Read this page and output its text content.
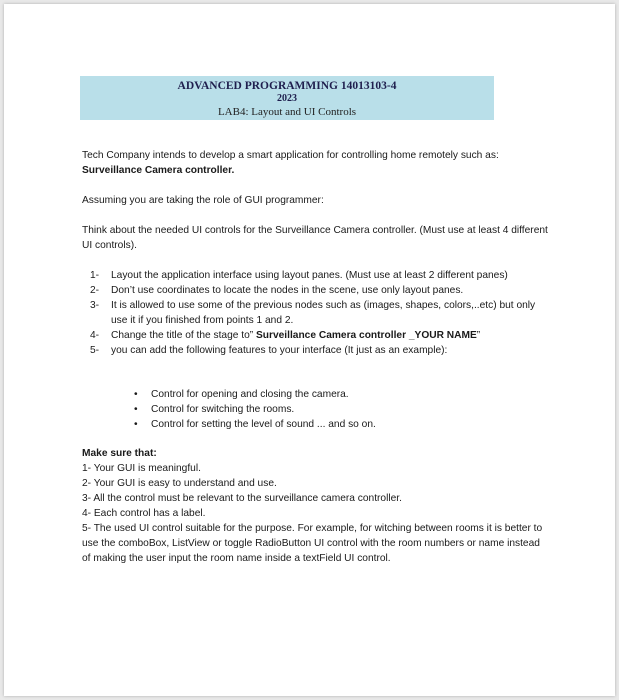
ADVANCED PROGRAMMING 14013103-4
2023
LAB4: Layout and UI Controls
Tech Company intends to develop a smart application for controlling home remotely such as: Surveillance Camera controller.
Assuming you are taking the role of GUI programmer:
Think about the needed UI controls for the Surveillance Camera controller. (Must use at least 4 different UI controls).
1-	Layout the application interface using layout panes. (Must use at least 2 different panes)
2-	Don’t use coordinates to locate the nodes in the scene, use only layout panes.
3-	It is allowed to use some of the previous nodes such as (images, shapes, colors,..etc) but only use it if you finished from points 1 and 2.
4-	Change the title of the stage to” Surveillance Camera controller _YOUR NAME”
5-	you can add the following features to your interface (It just as an example):
•	Control for opening and closing the camera.
•	Control for switching the rooms.
•	Control for setting the level of sound ... and so on.
Make sure that:
1- Your GUI is meaningful.
2- Your GUI is easy to understand and use.
3- All the control must be relevant to the surveillance camera controller.
4- Each control has a label.
5- The used UI control suitable for the purpose. For example, for witching between rooms it is better to use the comboBox, ListView or toggle RadioButton UI control with the room numbers or name instead of making the user input the room name inside a textField UI control.
